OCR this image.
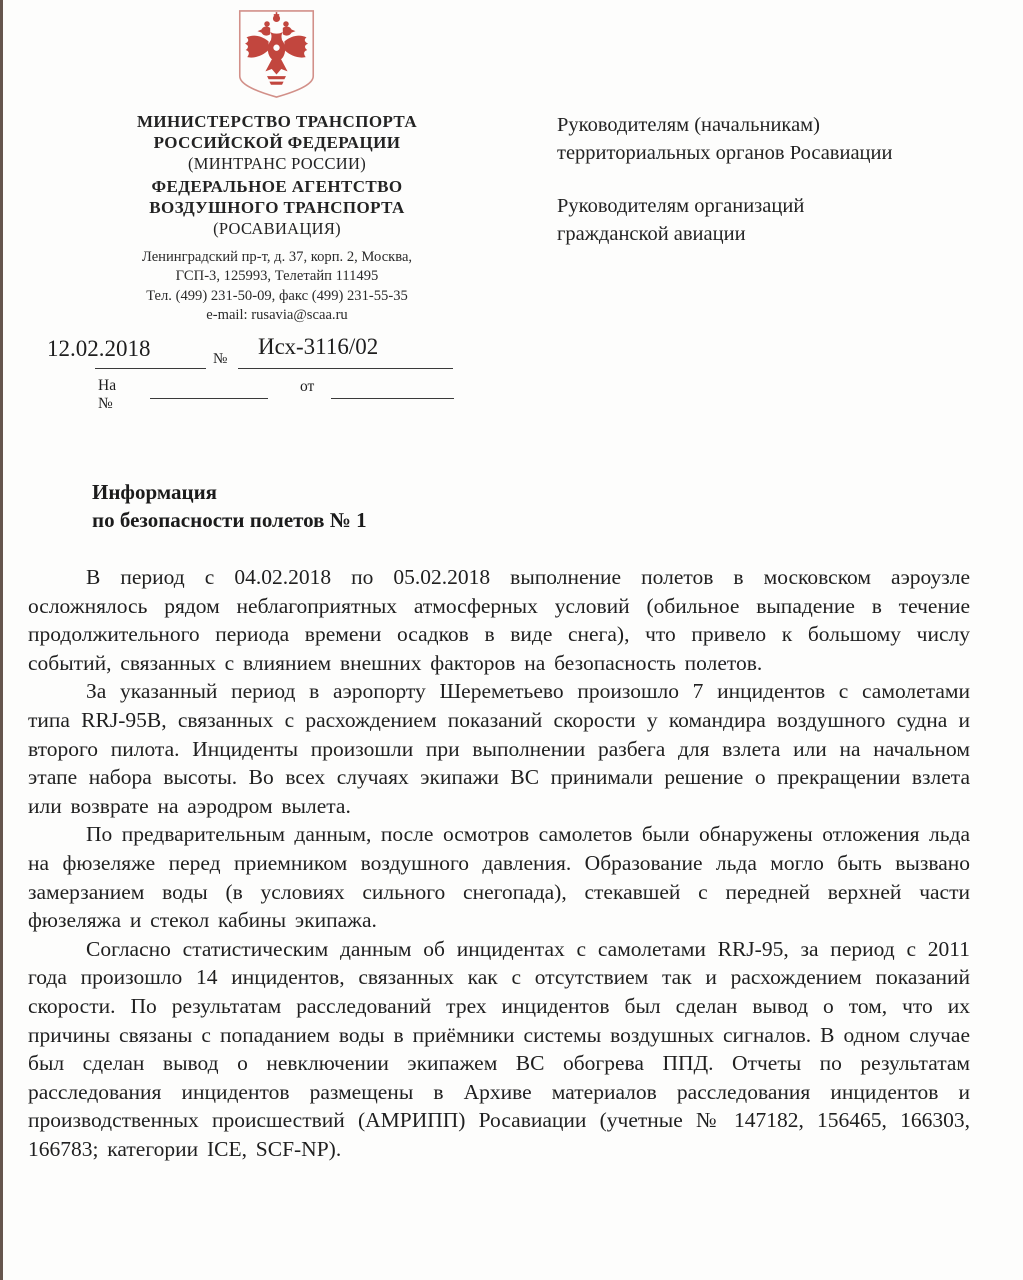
МИНИСТЕРСТВО ТРАНСПОРТА
РОССИЙСКОЙ ФЕДЕРАЦИИ
(МИНТРАНС РОССИИ)
ФЕДЕРАЛЬНОЕ АГЕНТСТВО
ВОЗДУШНОГО ТРАНСПОРТА
(РОСАВИАЦИЯ)
Ленинградский пр-т, д. 37, корп. 2, Москва,
ГСП-3, 125993, Телетайп 111495
Тел. (499) 231-50-09, факс (499) 231-55-35
e-mail: rusavia@scaa.ru
Руководителям (начальникам)
территориальных органов Росавиации
Руководителям организаций
гражданской авиации
12.02.2018	№ Исх-3116/02
На №
от
Информация
по безопасности полетов № 1

В период с 04.02.2018 по 05.02.2018 выполнение полетов в московском аэроузле осложнялось рядом неблагоприятных атмосферных условий (обильное выпадение в течение продолжительного периода времени осадков в виде снега), что привело к большому числу событий, связанных с влиянием внешних факторов на безопасность полетов.

За указанный период в аэропорту Шереметьево произошло 7 инцидентов с самолетами типа RRJ-95B, связанных с расхождением показаний скорости у командира воздушного судна и второго пилота. Инциденты произошли при выполнении разбега для взлета или на начальном этапе набора высоты. Во всех случаях экипажи ВС принимали решение о прекращении взлета или возврате на аэродром вылета.

По предварительным данным, после осмотров самолетов были обнаружены отложения льда на фюзеляже перед приемником воздушного давления. Образование льда могло быть вызвано замерзанием воды (в условиях сильного снегопада), стекавшей с передней верхней части фюзеляжа и стекол кабины экипажа.

Согласно статистическим данным об инцидентах с самолетами RRJ-95, за период с 2011 года произошло 14 инцидентов, связанных как с отсутствием так и расхождением показаний скорости. По результатам расследований трех инцидентов был сделан вывод о том, что их причины связаны с попаданием воды в приёмники системы воздушных сигналов. В одном случае был сделан вывод о невключении экипажем ВС обогрева ППД. Отчеты по результатам расследования инцидентов размещены в Архиве материалов расследования инцидентов и производственных происшествий (АМРИПП) Росавиации (учетные № 147182, 156465, 166303, 166783; категории ICE, SCF-NP).
